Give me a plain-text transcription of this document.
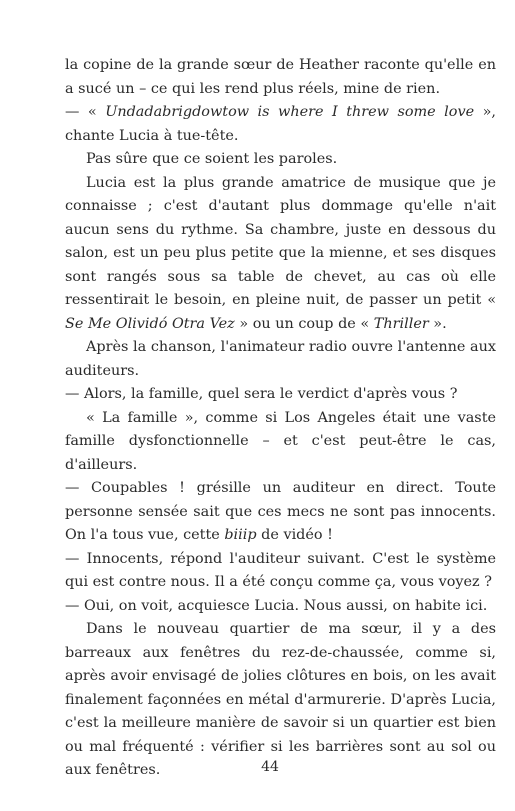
la copine de la grande sœur de Heather raconte qu'elle en a sucé un – ce qui les rend plus réels, mine de rien.

— « Undadabrigdowtow is where I threw some love », chante Lucia à tue-tête.

Pas sûre que ce soient les paroles.

Lucia est la plus grande amatrice de musique que je connaisse ; c'est d'autant plus dommage qu'elle n'ait aucun sens du rythme. Sa chambre, juste en dessous du salon, est un peu plus petite que la mienne, et ses disques sont rangés sous sa table de chevet, au cas où elle ressentirait le besoin, en pleine nuit, de passer un petit « Se Me Olividó Otra Vez » ou un coup de « Thriller ».

Après la chanson, l'animateur radio ouvre l'antenne aux auditeurs.

— Alors, la famille, quel sera le verdict d'après vous ?

« La famille », comme si Los Angeles était une vaste famille dysfonctionnelle – et c'est peut-être le cas, d'ailleurs.

— Coupables ! grésille un auditeur en direct. Toute personne sensée sait que ces mecs ne sont pas innocents. On l'a tous vue, cette biiip de vidéo !

— Innocents, répond l'auditeur suivant. C'est le système qui est contre nous. Il a été conçu comme ça, vous voyez ?

— Oui, on voit, acquiesce Lucia. Nous aussi, on habite ici.

Dans le nouveau quartier de ma sœur, il y a des barreaux aux fenêtres du rez-de-chaussée, comme si, après avoir envisagé de jolies clôtures en bois, on les avait finalement façonnées en métal d'armurerie. D'après Lucia, c'est la meilleure manière de savoir si un quartier est bien ou mal fréquenté : vérifier si les barrières sont au sol ou aux fenêtres.	44
